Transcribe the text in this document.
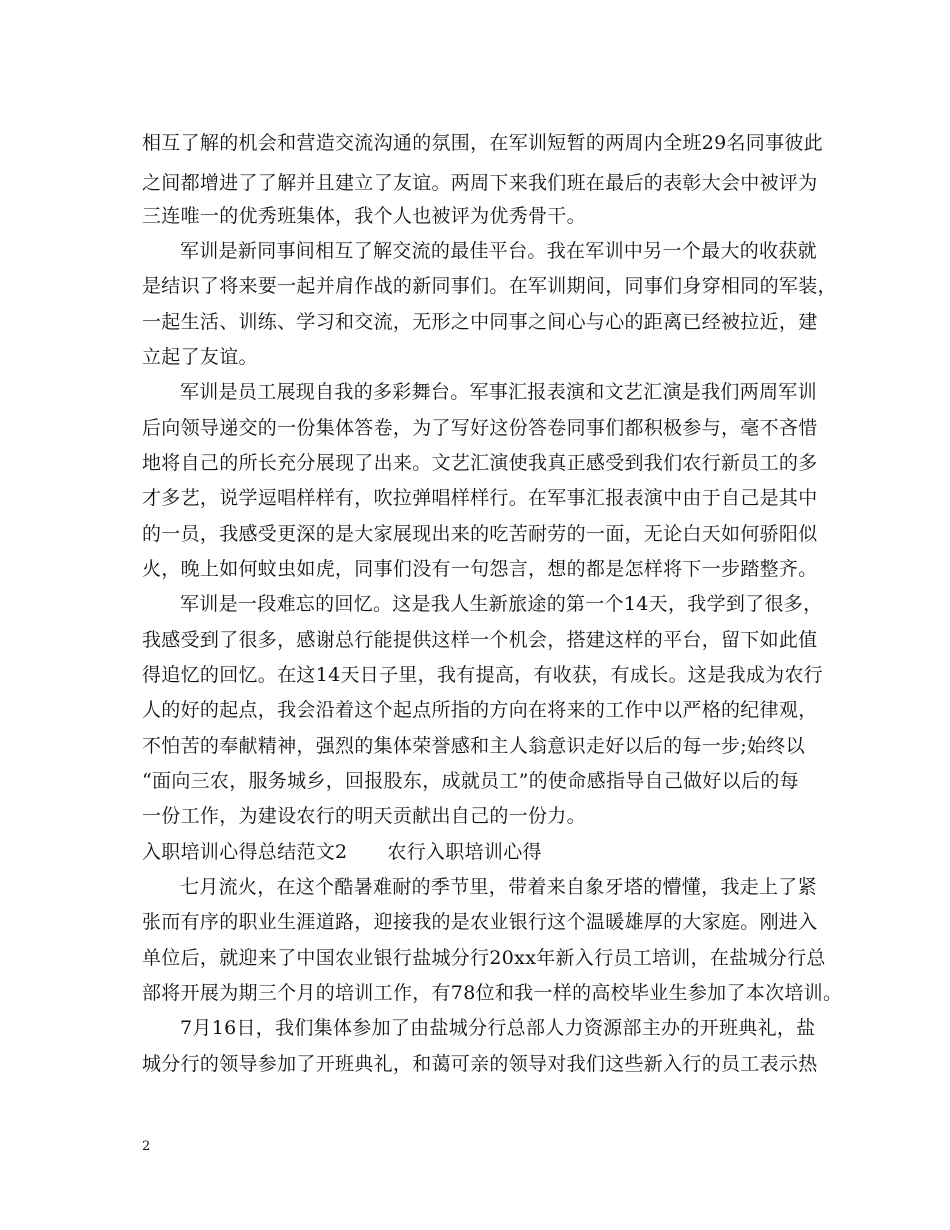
相互了解的机会和营造交流沟通的氛围，在军训短暂的两周内全班29名同事彼此
之间都增进了了解并且建立了友谊。两周下来我们班在最后的表彰大会中被评为
三连唯一的优秀班集体，我个人也被评为优秀骨干。
军训是新同事间相互了解交流的最佳平台。我在军训中另一个最大的收获就
是结识了将来要一起并肩作战的新同事们。在军训期间，同事们身穿相同的军装，
一起生活、训练、学习和交流，无形之中同事之间心与心的距离已经被拉近，建
立起了友谊。
军训是员工展现自我的多彩舞台。军事汇报表演和文艺汇演是我们两周军训
后向领导递交的一份集体答卷，为了写好这份答卷同事们都积极参与，毫不吝惜
地将自己的所长充分展现了出来。文艺汇演使我真正感受到我们农行新员工的多
才多艺，说学逗唱样样有，吹拉弹唱样样行。在军事汇报表演中由于自己是其中
的一员，我感受更深的是大家展现出来的吃苦耐劳的一面，无论白天如何骄阳似
火，晚上如何蚊虫如虎，同事们没有一句怨言，想的都是怎样将下一步踏整齐。
军训是一段难忘的回忆。这是我人生新旅途的第一个14天，我学到了很多，
我感受到了很多，感谢总行能提供这样一个机会，搭建这样的平台，留下如此值
得追忆的回忆。在这14天日子里，我有提高，有收获，有成长。这是我成为农行
人的好的起点，我会沿着这个起点所指的方向在将来的工作中以严格的纪律观，
不怕苦的奉献精神，强烈的集体荣誉感和主人翁意识走好以后的每一步;始终以
“面向三农，服务城乡，回报股东，成就员工”的使命感指导自己做好以后的每
一份工作，为建设农行的明天贡献出自己的一份力。
入职培训心得总结范文2 农行入职培训心得
七月流火，在这个酷暑难耐的季节里，带着来自象牙塔的懵懂，我走上了紧
张而有序的职业生涯道路，迎接我的是农业银行这个温暖雄厚的大家庭。刚进入
单位后，就迎来了中国农业银行盐城分行20xx年新入行员工培训，在盐城分行总
部将开展为期三个月的培训工作，有78位和我一样的高校毕业生参加了本次培训。
7月16日，我们集体参加了由盐城分行总部人力资源部主办的开班典礼，盐
城分行的领导参加了开班典礼，和蔼可亲的领导对我们这些新入行的员工表示热
2
